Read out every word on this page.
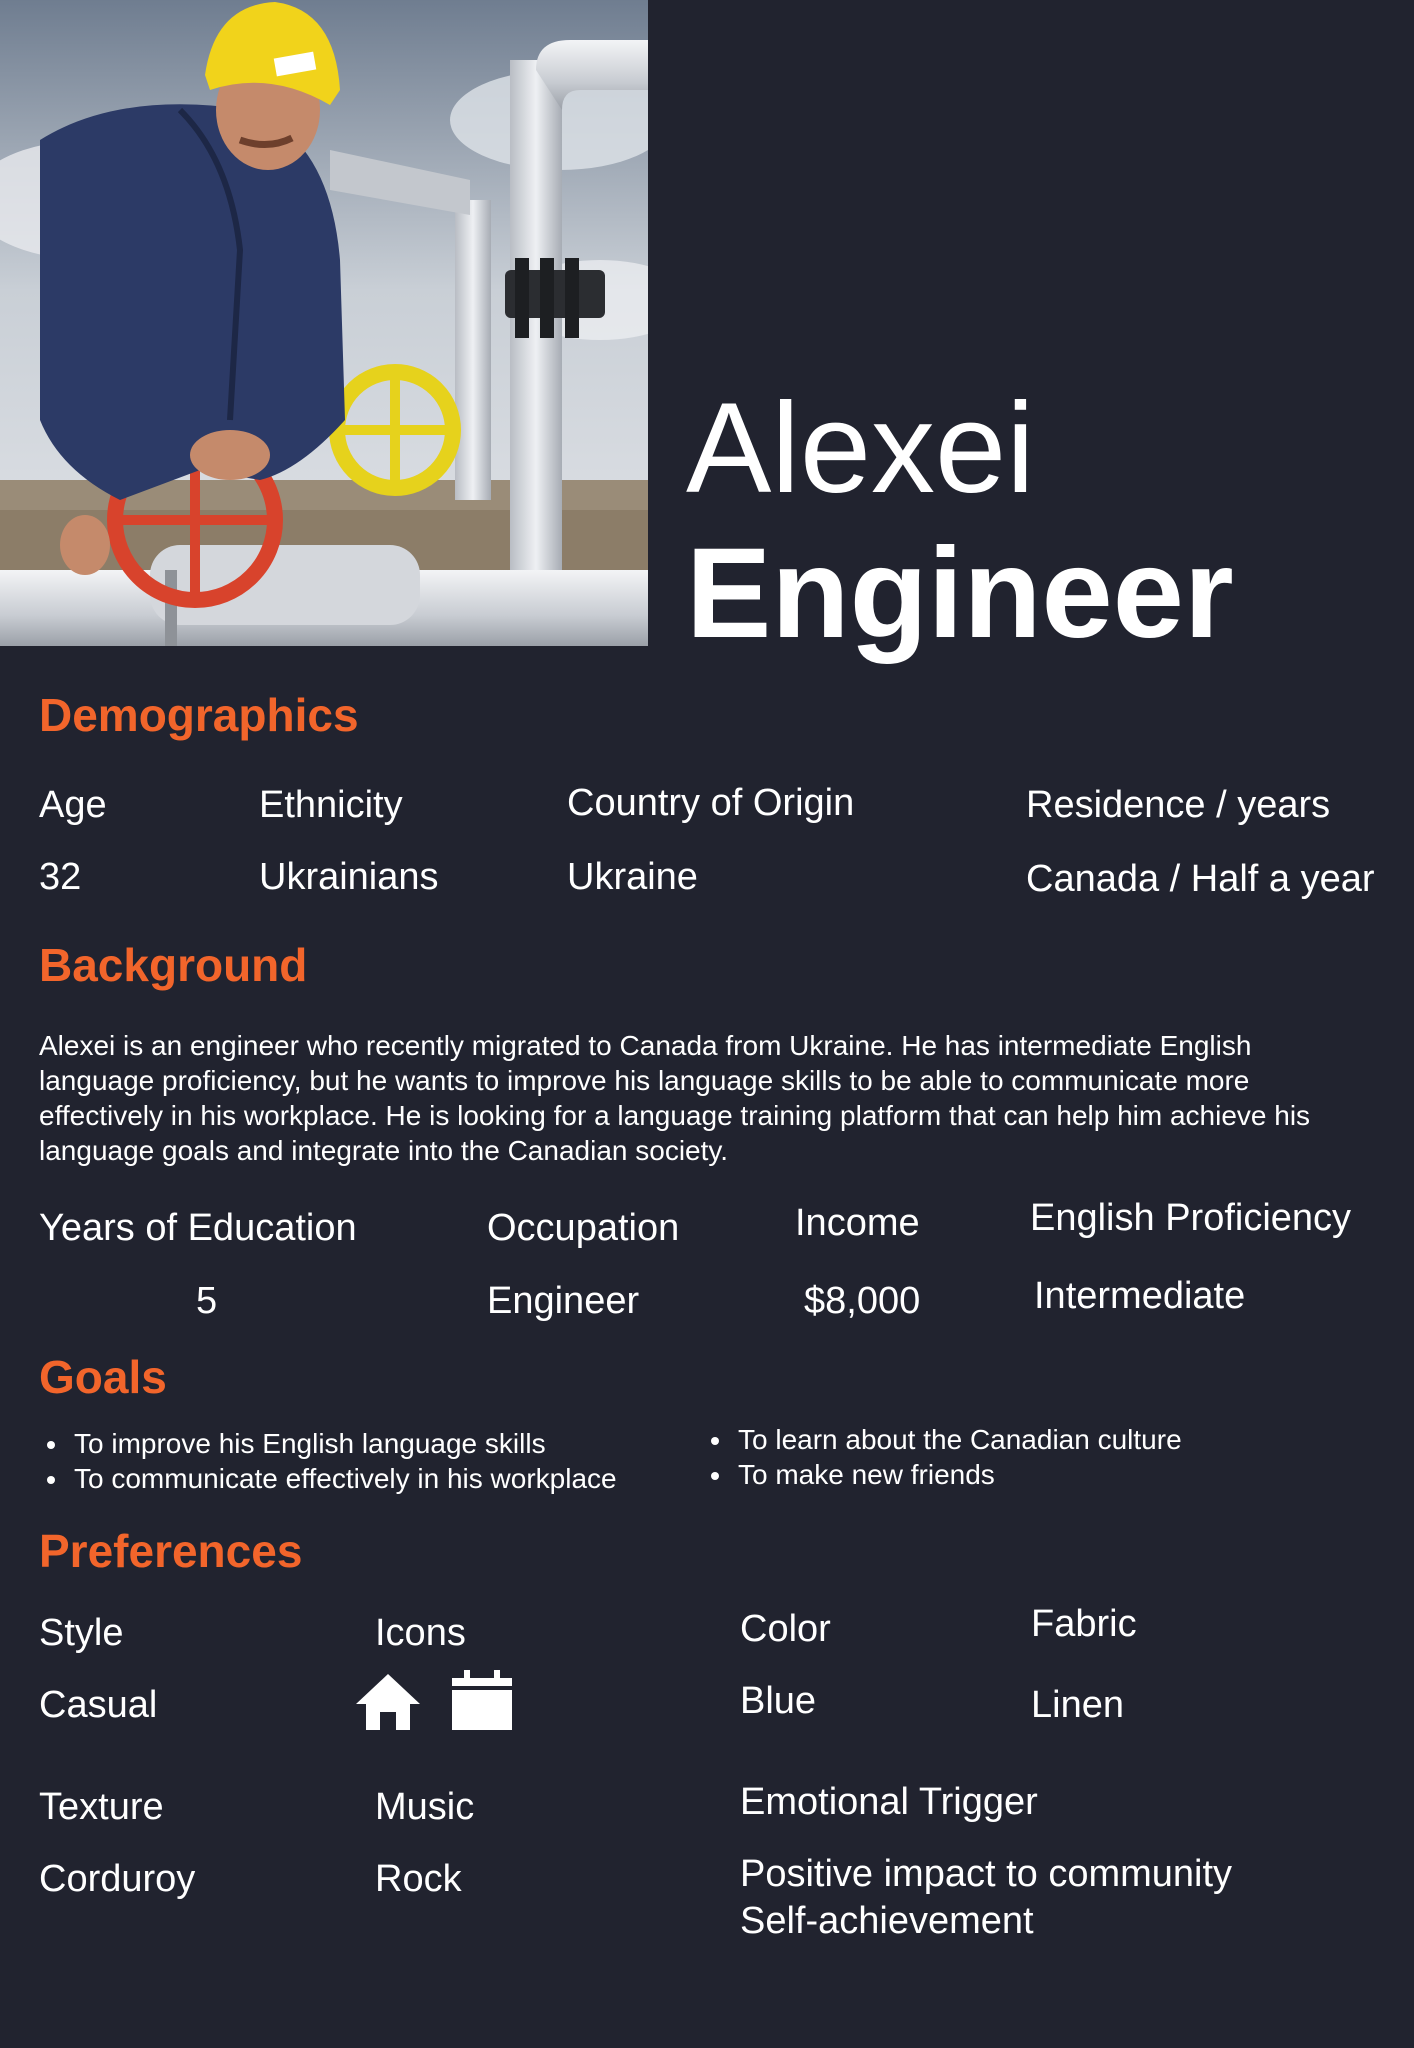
Alexei
Engineer
Demographics
Age
32
Ethnicity
Ukrainians
Country of Origin
Ukraine
Residence / years
Canada / Half a year
Background
Alexei is an engineer who recently migrated to Canada from Ukraine. He has intermediate English language proficiency, but he wants to improve his language skills to be able to communicate more effectively in his workplace. He is looking for a language training platform that can help him achieve his language goals and integrate into the Canadian society.
Years of Education
5
Occupation
Engineer
Income
$8,000
English Proficiency
Intermediate
Goals
To improve his English language skills
To communicate effectively in his workplace
To learn about the Canadian culture
To make new friends
Preferences
Style
Casual
Icons
	Color
Blue
Fabric
Linen
Texture
Corduroy
Music
Rock
Emotional Trigger
Positive impact to community
Self-achievement
